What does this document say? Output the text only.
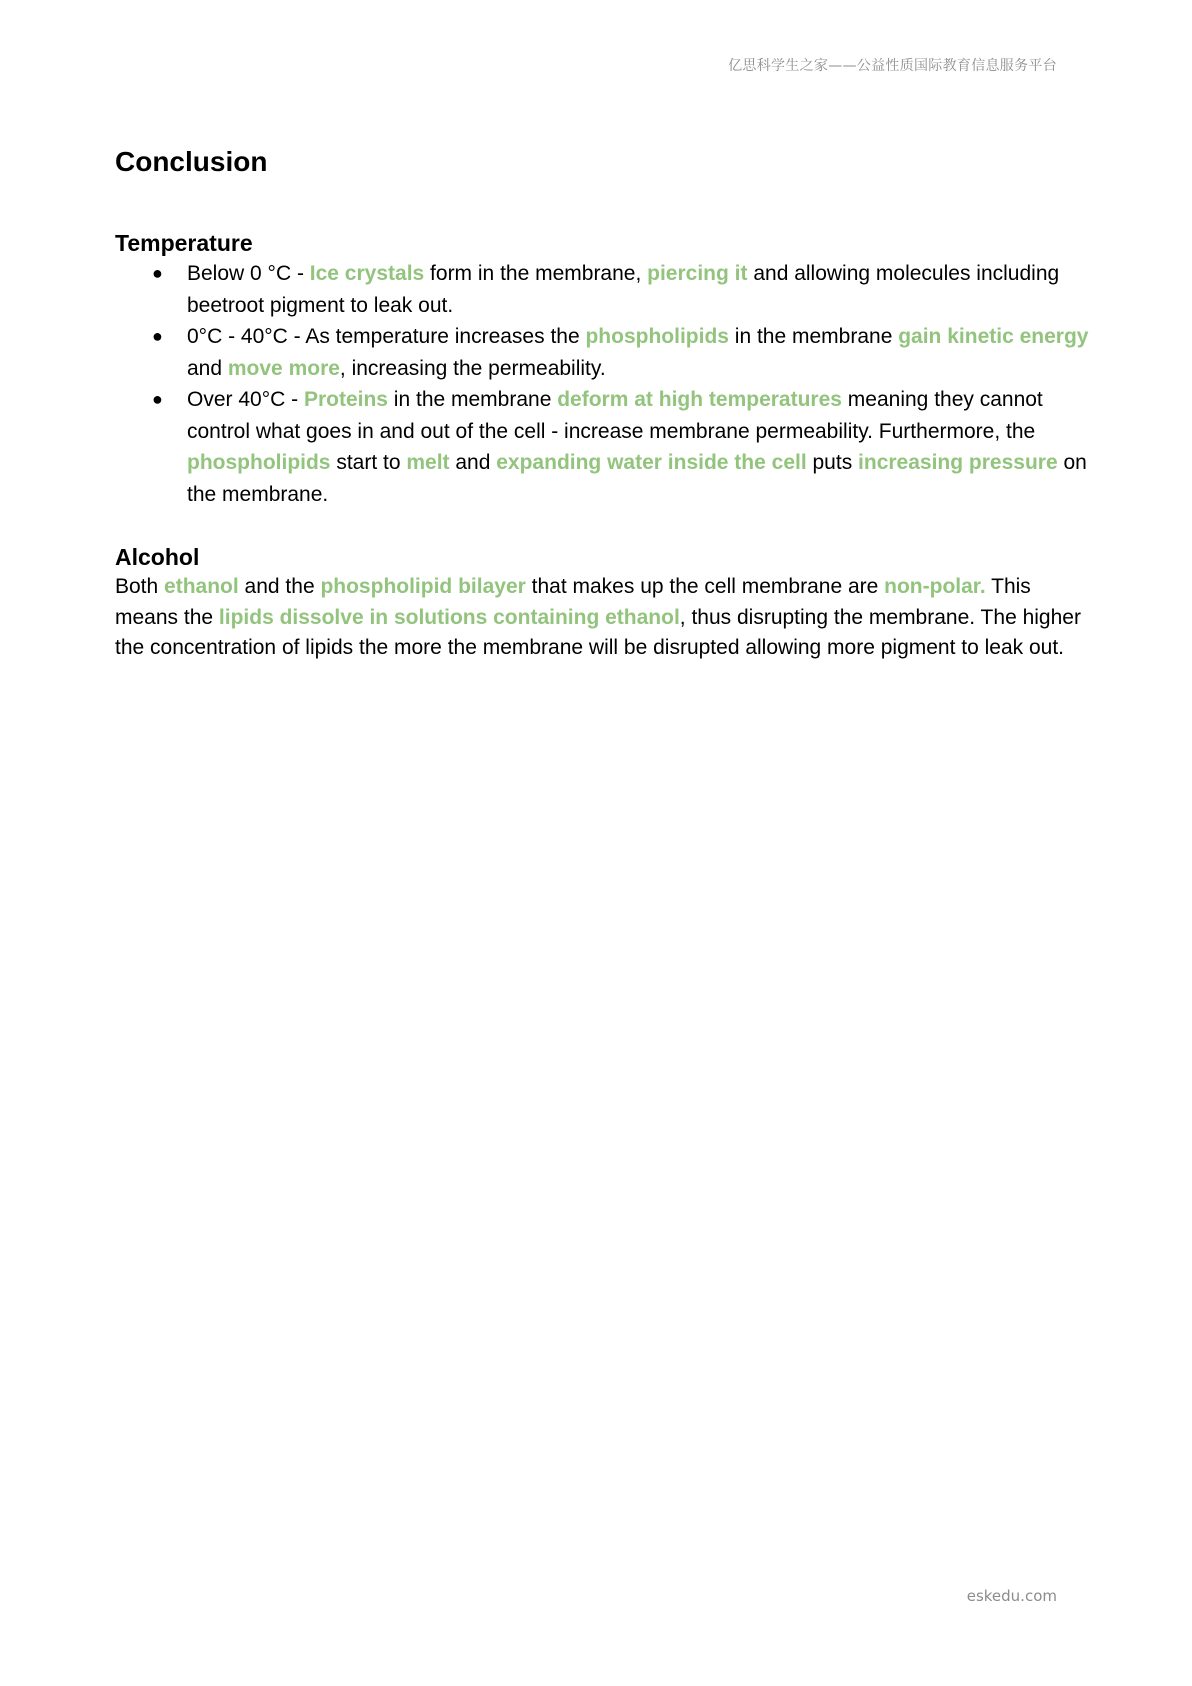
亿思科学生之家——公益性质国际教育信息服务平台
Conclusion
Temperature
● Below 0 °C - Ice crystals form in the membrane, piercing it and allowing molecules including beetroot pigment to leak out.
● 0°C - 40°C - As temperature increases the phospholipids in the membrane gain kinetic energy and move more, increasing the permeability.
● Over 40°C - Proteins in the membrane deform at high temperatures meaning they cannot control what goes in and out of the cell - increase membrane permeability. Furthermore, the phospholipids start to melt and expanding water inside the cell puts increasing pressure on the membrane.
Alcohol

Both ethanol and the phospholipid bilayer that makes up the cell membrane are non-polar. This means the lipids dissolve in solutions containing ethanol, thus disrupting the membrane. The higher the concentration of lipids the more the membrane will be disrupted allowing more pigment to leak out.

eskedu.com
